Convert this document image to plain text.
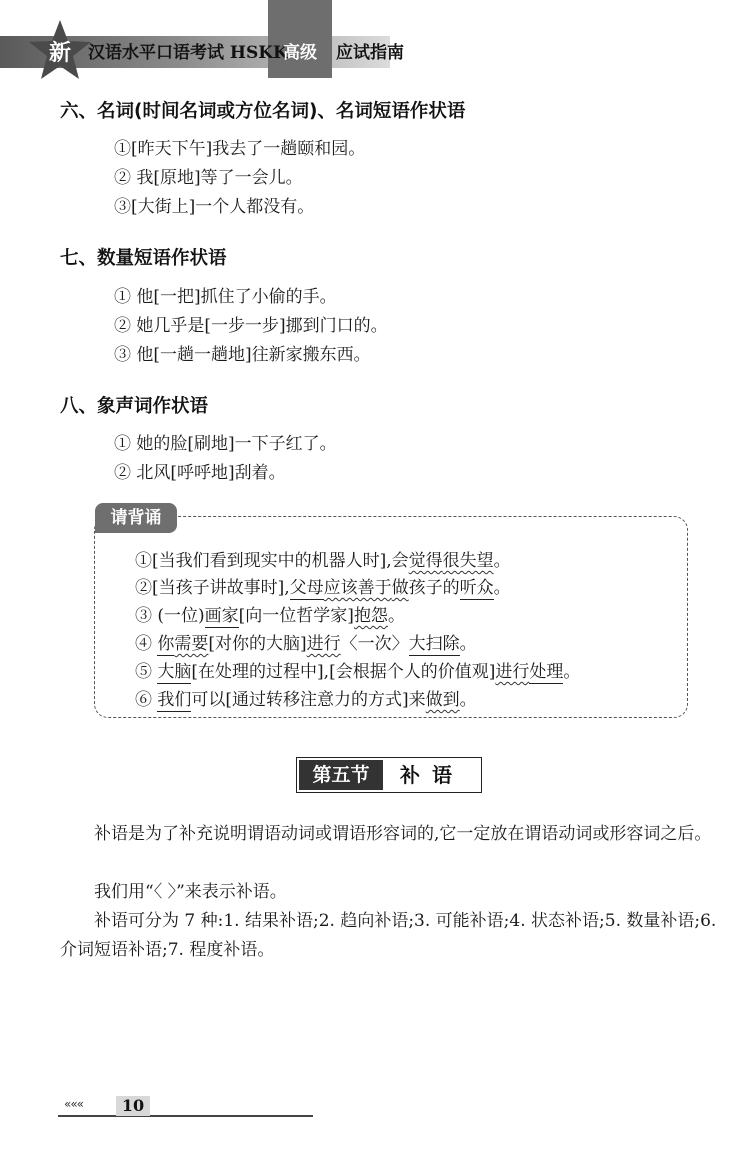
新 汉语水平口语考试 HSKK
高级	应试指南
六、名词(时间名词或方位名词)、名词短语作状语
①[昨天下午]我去了一趟颐和园。
② 我[原地]等了一会儿。
③[大街上]一个人都没有。
七、数量短语作状语
① 他[一把]抓住了小偷的手。
② 她几乎是[一步一步]挪到门口的。
③ 他[一趟一趟地]往新家搬东西。
八、象声词作状语
① 她的脸[刷地]一下子红了。
② 北风[呼呼地]刮着。
请背诵
①[当我们看到现实中的机器人时],会觉得很失望。
②[当孩子讲故事时],父母应该善于做孩子的听众。
③ (一位)画家[向一位哲学家]抱怨。
④ 你需要[对你的大脑]进行〈一次〉大扫除。
⑤ 大脑[在处理的过程中],[会根据个人的价值观]进行处理。
⑥ 我们可以[通过转移注意力的方式]来做到。
第五节	补语
补语是为了补充说明谓语动词或谓语形容词的,它一定放在谓语动词或形容词之后。
我们用“〈 〉”来表示补语。
补语可分为 7 种:1. 结果补语;2. 趋向补语;3. 可能补语;4. 状态补语;5. 数量补语;6. 介词短语补语;7. 程度补语。
«««	10
